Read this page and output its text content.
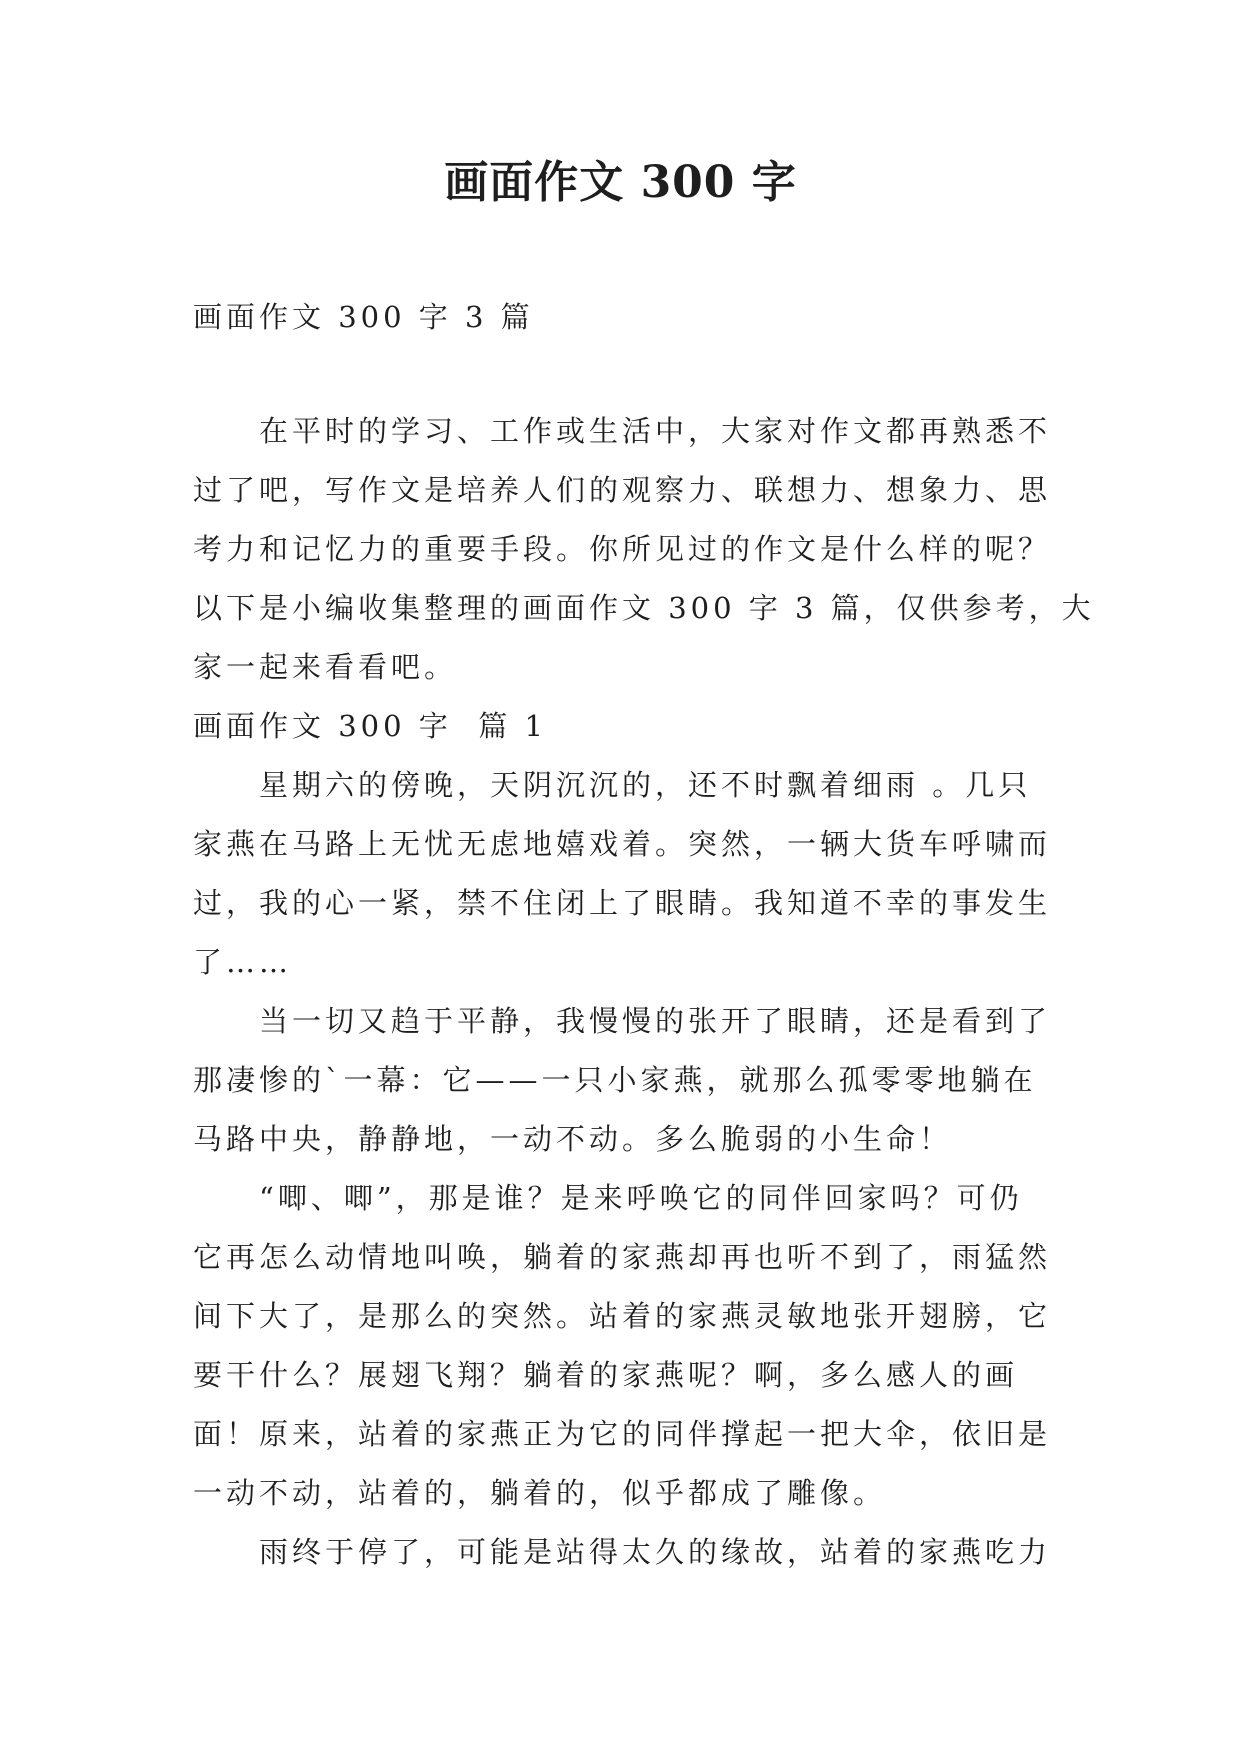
画面作文 300 字
画面作文 300 字 3 篇
在平时的学习、工作或生活中，大家对作文都再熟悉不
过了吧，写作文是培养人们的观察力、联想力、想象力、思
考力和记忆力的重要手段。你所见过的作文是什么样的呢？
以下是小编收集整理的画面作文 300 字 3 篇，仅供参考，大
家一起来看看吧。
画面作文 300 字  篇 1
星期六的傍晚，天阴沉沉的，还不时飘着细雨 。几只
家燕在马路上无忧无虑地嬉戏着。突然，一辆大货车呼啸而
过，我的心一紧，禁不住闭上了眼睛。我知道不幸的事发生
了……
当一切又趋于平静，我慢慢的张开了眼睛，还是看到了
那凄惨的`一幕：它——一只小家燕，就那么孤零零地躺在
马路中央，静静地，一动不动。多么脆弱的小生命！
“唧、唧”，那是谁？是来呼唤它的同伴回家吗？可仍
它再怎么动情地叫唤，躺着的家燕却再也听不到了，雨猛然
间下大了，是那么的突然。站着的家燕灵敏地张开翅膀，它
要干什么？展翅飞翔？躺着的家燕呢？啊，多么感人的画
面！原来，站着的家燕正为它的同伴撑起一把大伞，依旧是
一动不动，站着的，躺着的，似乎都成了雕像。
雨终于停了，可能是站得太久的缘故，站着的家燕吃力
